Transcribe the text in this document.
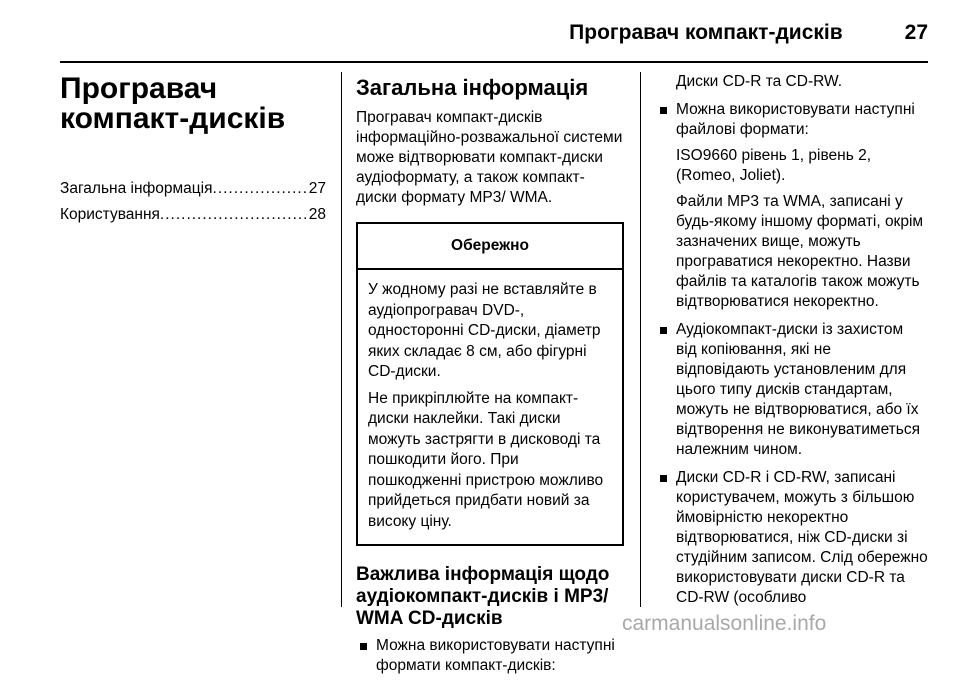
Програвач компакт-дисків	27
Програвач компакт-дисків
Загальна інформація .....	27
Користування .....	28
Загальна інформація

Програвач компакт-дисків інформаційно-розважальної системи може відтворювати компакт-диски аудіоформату, а також компакт-диски формату MP3/ WMA.

Обережно

У жодному разі не вставляйте в аудіопрогравач DVD-, односторонні CD-диски, діаметр яких складає 8 см, або фігурні CD-диски.

Не прикріплюйте на компакт-диски наклейки. Такі диски можуть застрягти в дисководі та пошкодити його. При пошкодженні пристрою можливо прийдеться придбати новий за високу ціну.

Важлива інформація щодо аудіокомпакт-дисків і MP3/ WMA CD-дисків
Можна використовувати наступні формати компакт-дисків:

Диски CD-R та CD-RW.

Можна використовувати наступні файлові формати:

ISO9660 рівень 1, рівень 2, (Romeo, Joliet).

Файли MP3 та WMA, записані у будь-якому іншому форматі, окрім зазначених вище, можуть програватися некоректно. Назви файлів та каталогів також можуть відтворюватися некоректно.

Аудіокомпакт-диски із захистом від копіювання, які не відповідають установленим для цього типу дисків стандартам, можуть не відтворюватися, або їх відтворення не виконуватиметься належним чином.
Диски CD-R і CD-RW, записані користувачем, можуть з більшою ймовірністю некоректно відтворюватися, ніж CD-диски зі студійним записом. Слід обережно використовувати диски CD-R та CD-RW (особливо
carmanualsonline.info
